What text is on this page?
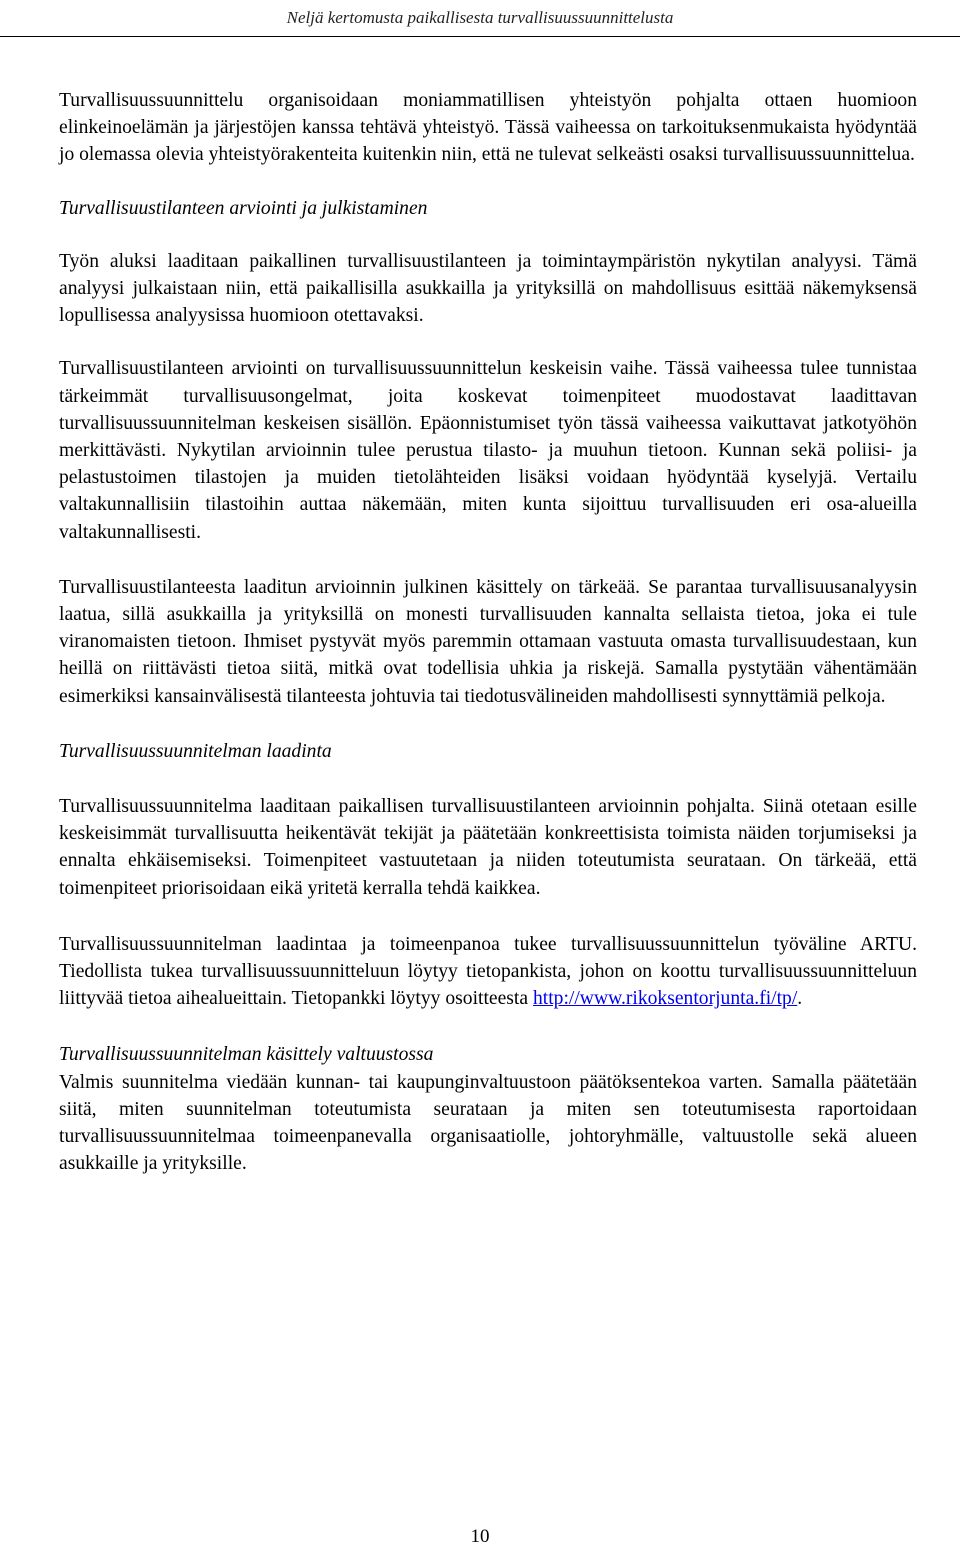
Neljä kertomusta paikallisesta turvallisuussuunnittelusta

Turvallisuussuunnittelu organisoidaan moniammatillisen yhteistyön pohjalta ottaen huomioon elinkeinoelämän ja järjestöjen kanssa tehtävä yhteistyö. Tässä vaiheessa on tarkoituksenmukaista hyödyntää jo olemassa olevia yhteistyörakenteita kuitenkin niin, että ne tulevat selkeästi osaksi turvallisuussuunnittelua.

Turvallisuustilanteen arviointi ja julkistaminen

Työn aluksi laaditaan paikallinen turvallisuustilanteen ja toimintaympäristön nykytilan analyysi. Tämä analyysi julkaistaan niin, että paikallisilla asukkailla ja yrityksillä on mahdollisuus esittää näkemyksensä lopullisessa analyysissa huomioon otettavaksi.

Turvallisuustilanteen arviointi on turvallisuussuunnittelun keskeisin vaihe. Tässä vaiheessa tulee tunnistaa tärkeimmät turvallisuusongelmat, joita koskevat toimenpiteet muodostavat laadittavan turvallisuussuunnitelman keskeisen sisällön. Epäonnistumiset työn tässä vaiheessa vaikuttavat jatkotyöhön merkittävästi. Nykytilan arvioinnin tulee perustua tilasto- ja muuhun tietoon. Kunnan sekä poliisi- ja pelastustoimen tilastojen ja muiden tietolähteiden lisäksi voidaan hyödyntää kyselyjä. Vertailu valtakunnallisiin tilastoihin auttaa näkemään, miten kunta sijoittuu turvallisuuden eri osa-alueilla valtakunnallisesti.

Turvallisuustilanteesta laaditun arvioinnin julkinen käsittely on tärkeää. Se parantaa turvallisuusanalyysin laatua, sillä asukkailla ja yrityksillä on monesti turvallisuuden kannalta sellaista tietoa, joka ei tule viranomaisten tietoon. Ihmiset pystyvät myös paremmin ottamaan vastuuta omasta turvallisuudestaan, kun heillä on riittävästi tietoa siitä, mitkä ovat todellisia uhkia ja riskejä. Samalla pystytään vähentämään esimerkiksi kansainvälisestä tilanteesta johtuvia tai tiedotusvälineiden mahdollisesti synnyttämiä pelkoja.

Turvallisuussuunnitelman laadinta

Turvallisuussuunnitelma laaditaan paikallisen turvallisuustilanteen arvioinnin pohjalta. Siinä otetaan esille keskeisimmät turvallisuutta heikentävät tekijät ja päätetään konkreettisista toimista näiden torjumiseksi ja ennalta ehkäisemiseksi. Toimenpiteet vastuutetaan ja niiden toteutumista seurataan. On tärkeää, että toimenpiteet priorisoidaan eikä yritetä kerralla tehdä kaikkea.

Turvallisuussuunnitelman laadintaa ja toimeenpanoa tukee turvallisuussuunnittelun työväline ARTU. Tiedollista tukea turvallisuussuunnitteluun löytyy tietopankista, johon on koottu turvallisuussuunnitteluun liittyvää tietoa aihealueittain. Tietopankki löytyy osoitteesta http://www.rikoksentorjunta.fi/tp/.

Turvallisuussuunnitelman käsittely valtuustossa

Valmis suunnitelma viedään kunnan- tai kaupunginvaltuustoon päätöksentekoa varten. Samalla päätetään siitä, miten suunnitelman toteutumista seurataan ja miten sen toteutumisesta raportoidaan turvallisuussuunnitelmaa toimeenpanevalla organisaatiolle, johtoryhmälle, valtuustolle sekä alueen asukkaille ja yrityksille.

10
